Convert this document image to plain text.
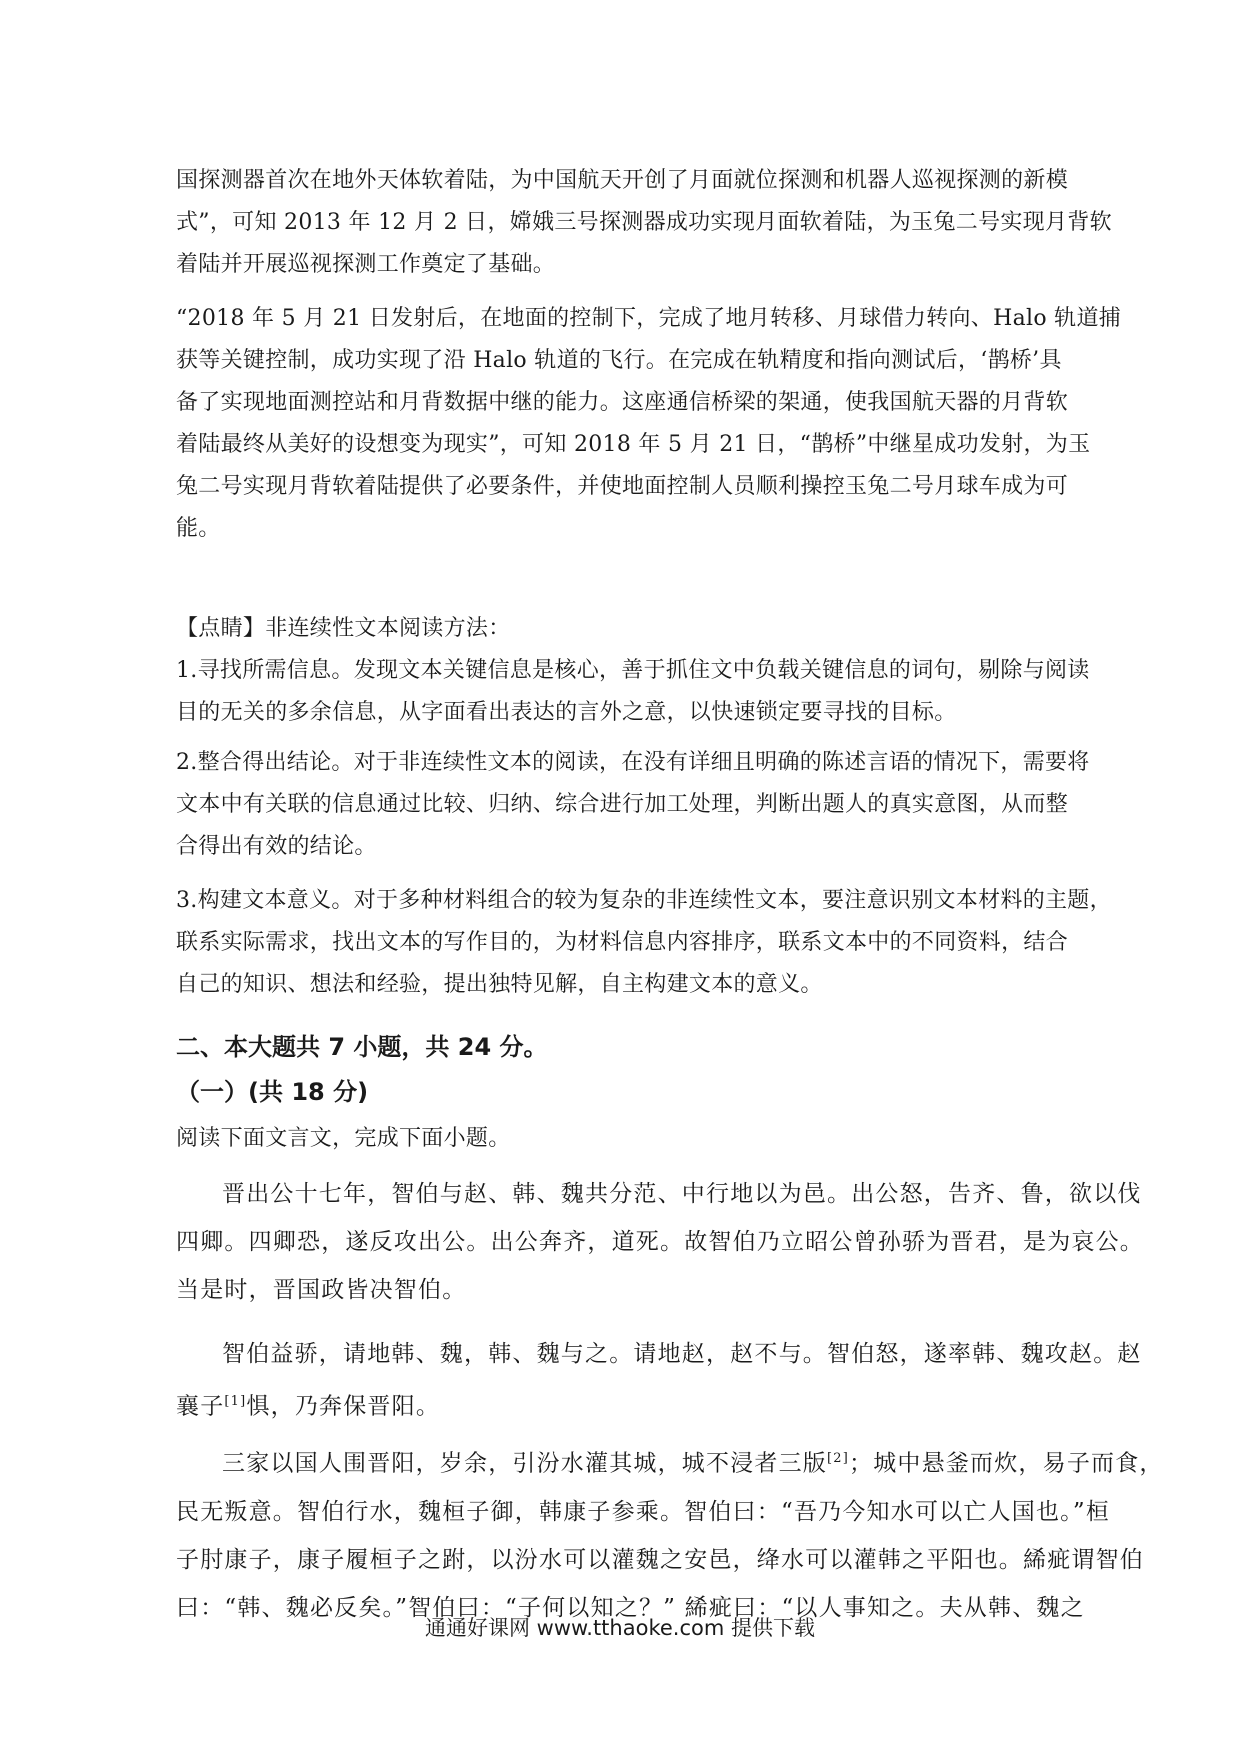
国探测器首次在地外天体软着陆，为中国航天开创了月面就位探测和机器人巡视探测的新模
式”，可知 2013 年 12 月 2 日，嫦娥三号探测器成功实现月面软着陆，为玉兔二号实现月背软
着陆并开展巡视探测工作奠定了基础。
“2018 年 5 月 21 日发射后，在地面的控制下，完成了地月转移、月球借力转向、Halo 轨道捕
获等关键控制，成功实现了沿 Halo 轨道的飞行。在完成在轨精度和指向测试后，‘鹊桥’具
备了实现地面测控站和月背数据中继的能力。这座通信桥梁的架通，使我国航天器的月背软
着陆最终从美好的设想变为现实”，可知 2018 年 5 月 21 日，“鹊桥”中继星成功发射，为玉
兔二号实现月背软着陆提供了必要条件，并使地面控制人员顺利操控玉兔二号月球车成为可
能。
【点睛】非连续性文本阅读方法：
1.寻找所需信息。发现文本关键信息是核心，善于抓住文中负载关键信息的词句，剔除与阅读
目的无关的多余信息，从字面看出表达的言外之意，以快速锁定要寻找的目标。
2.整合得出结论。对于非连续性文本的阅读，在没有详细且明确的陈述言语的情况下，需要将
文本中有关联的信息通过比较、归纳、综合进行加工处理，判断出题人的真实意图，从而整
合得出有效的结论。
3.构建文本意义。对于多种材料组合的较为复杂的非连续性文本，要注意识别文本材料的主题，
联系实际需求，找出文本的写作目的，为材料信息内容排序，联系文本中的不同资料，结合
自己的知识、想法和经验，提出独特见解，自主构建文本的意义。
二、本大题共 7 小题，共 24 分。
（一）(共 18 分)
阅读下面文言文，完成下面小题。
晋出公十七年，智伯与赵、韩、魏共分范、中行地以为邑。出公怒，告齐、鲁，欲以伐
四卿。四卿恐，遂反攻出公。出公奔齐，道死。故智伯乃立昭公曾孙骄为晋君，是为哀公。
当是时，晋国政皆决智伯。
智伯益骄，请地韩、魏，韩、魏与之。请地赵，赵不与。智伯怒，遂率韩、魏攻赵。赵
襄子[1]惧，乃奔保晋阳。
三家以国人围晋阳，岁余，引汾水灌其城，城不浸者三版[2]；城中悬釜而炊，易子而食，
民无叛意。智伯行水，魏桓子御，韩康子参乘。智伯曰：“吾乃今知水可以亡人国也。”桓
子肘康子，康子履桓子之跗，以汾水可以灌魏之安邑，绛水可以灌韩之平阳也。絺疵谓智伯
曰：“韩、魏必反矣。”智伯曰：“子何以知之？” 絺疵曰：“以人事知之。夫从韩、魏之
通通好课网 www.tthaoke.com 提供下载
